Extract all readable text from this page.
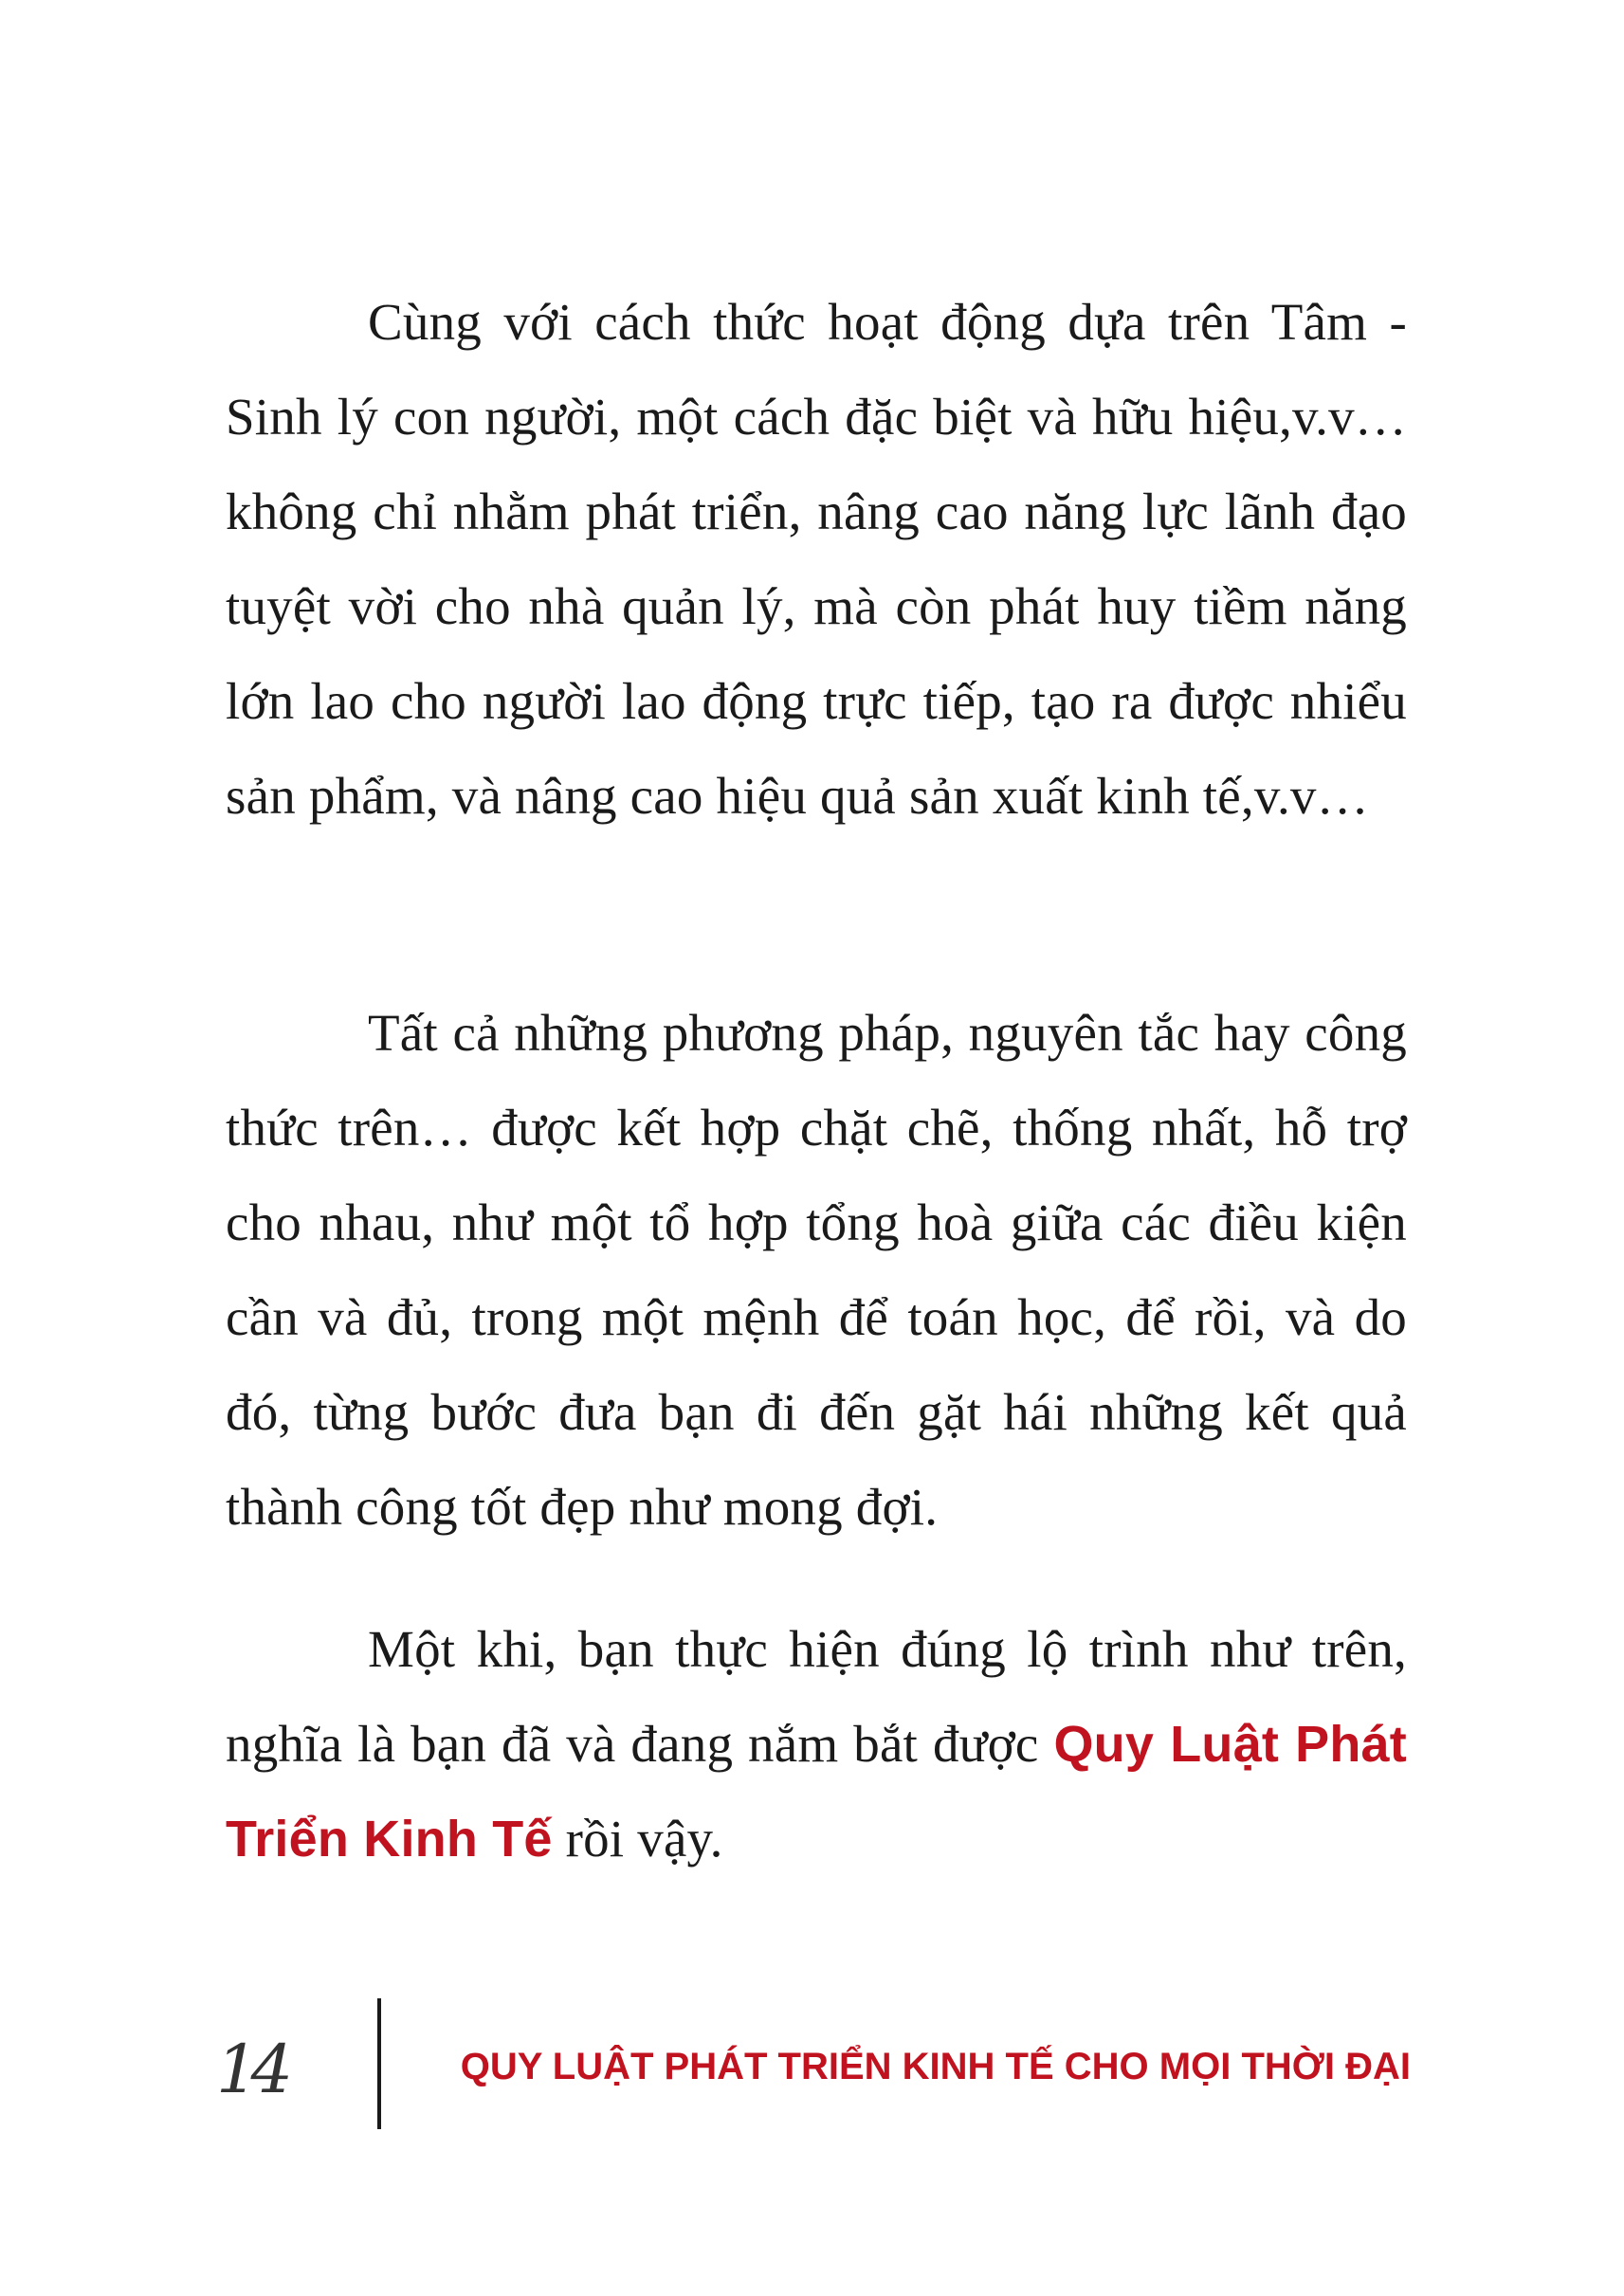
Cùng với cách thức hoạt động dựa trên Tâm - Sinh lý con người, một cách đặc biệt và hữu hiệu,v.v… không chỉ nhằm phát triển, nâng cao năng lực lãnh đạo tuyệt vời cho nhà quản lý, mà còn phát huy tiềm năng lớn lao cho người lao động trực tiếp, tạo ra được nhiểu sản phẩm, và nâng cao hiệu quả sản xuất kinh tế,v.v…

Tất cả những phương pháp, nguyên tắc hay công thức trên… được kết hợp chặt chẽ, thống nhất, hỗ trợ cho nhau, như một tổ hợp tổng hoà giữa các điều kiện cần và đủ, trong một mệnh để toán học, để rồi, và do đó, từng bước đưa bạn đi đến gặt hái những kết quả thành công tốt đẹp như mong đợi.

Một khi, bạn thực hiện đúng lộ trình như trên, nghĩa là bạn đã và đang nắm bắt được Quy Luật Phát Triển Kinh Tế rồi vậy.

14	QUY LUẬT PHÁT TRIỂN KINH TẾ CHO MỌI THỜI ĐẠI
